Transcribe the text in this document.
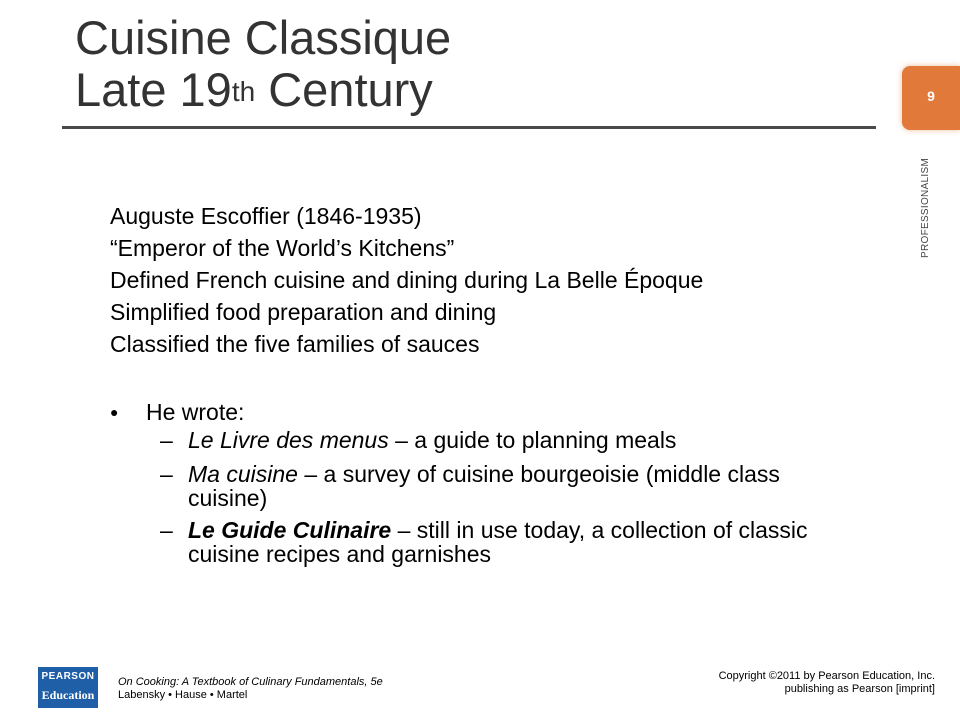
Cuisine Classique
Late 19th Century	9
PROFESSIONALISM
Auguste Escoffier (1846-1935)
“Emperor of the World’s Kitchens”
Defined French cuisine and dining during La Belle Époque
Simplified food preparation and dining
Classified the five families of sauces
● He wrote:
– Le Livre des menus – a guide to planning meals
– Ma cuisine – a survey of cuisine bourgeoisie (middle class cuisine)
– Le Guide Culinaire – still in use today, a collection of classic cuisine recipes and garnishes
PEARSON
Education
On Cooking: A Textbook of Culinary Fundamentals, 5e
Labensky • Hause • Martel
Copyright ©2011 by Pearson Education, Inc.
publishing as Pearson [imprint]
